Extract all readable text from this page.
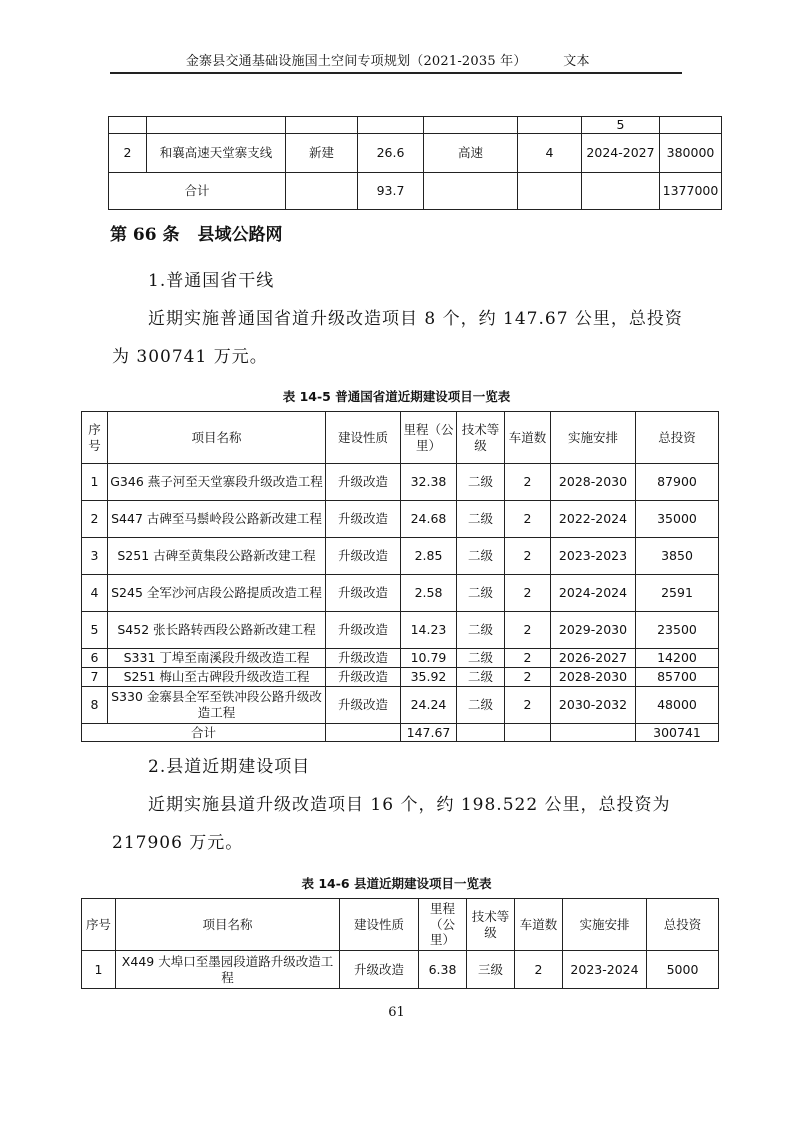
金寨县交通基础设施国土空间专项规划（2021-2035 年）	文本
						5	
2	和襄高速天堂寨支线	新建	26.6	高速	4	2024-2027	380000
合计			93.7				1377000
第 66 条 县域公路网
1.普通国省干线
近期实施普通国省道升级改造项目 8 个，约 147.67 公里，总投资为 300741 万元。
表 14-5 普通国省道近期建设项目一览表
序号	项目名称	建设性质	里程（公里）	技术等级	车道数	实施安排	总投资
1	G346 燕子河至天堂寨段升级改造工程	升级改造	32.38	二级	2	2028-2030	87900
2	S447 古碑至马鬃岭段公路新改建工程	升级改造	24.68	二级	2	2022-2024	35000
3	S251 古碑至黄集段公路新改建工程	升级改造	2.85	二级	2	2023-2023	3850
4	S245 全军沙河店段公路提质改造工程	升级改造	2.58	二级	2	2024-2024	2591
5	S452 张长路转西段公路新改建工程	升级改造	14.23	二级	2	2029-2030	23500
6	S331 丁埠至南溪段升级改造工程	升级改造	10.79	二级	2	2026-2027	14200
7	S251 梅山至古碑段升级改造工程	升级改造	35.92	二级	2	2028-2030	85700
8	S330 金寨县全军至铁冲段公路升级改造工程	升级改造	24.24	二级	2	2030-2032	48000
合计			147.67				300741
2.县道近期建设项目
近期实施县道升级改造项目 16 个，约 198.522 公里，总投资为 217906 万元。
表 14-6 县道近期建设项目一览表
序号	项目名称	建设性质	里程（公里）	技术等级	车道数	实施安排	总投资
1	X449 大埠口至墨园段道路升级改造工程	升级改造	6.38	三级	2	2023-2024	5000
61
